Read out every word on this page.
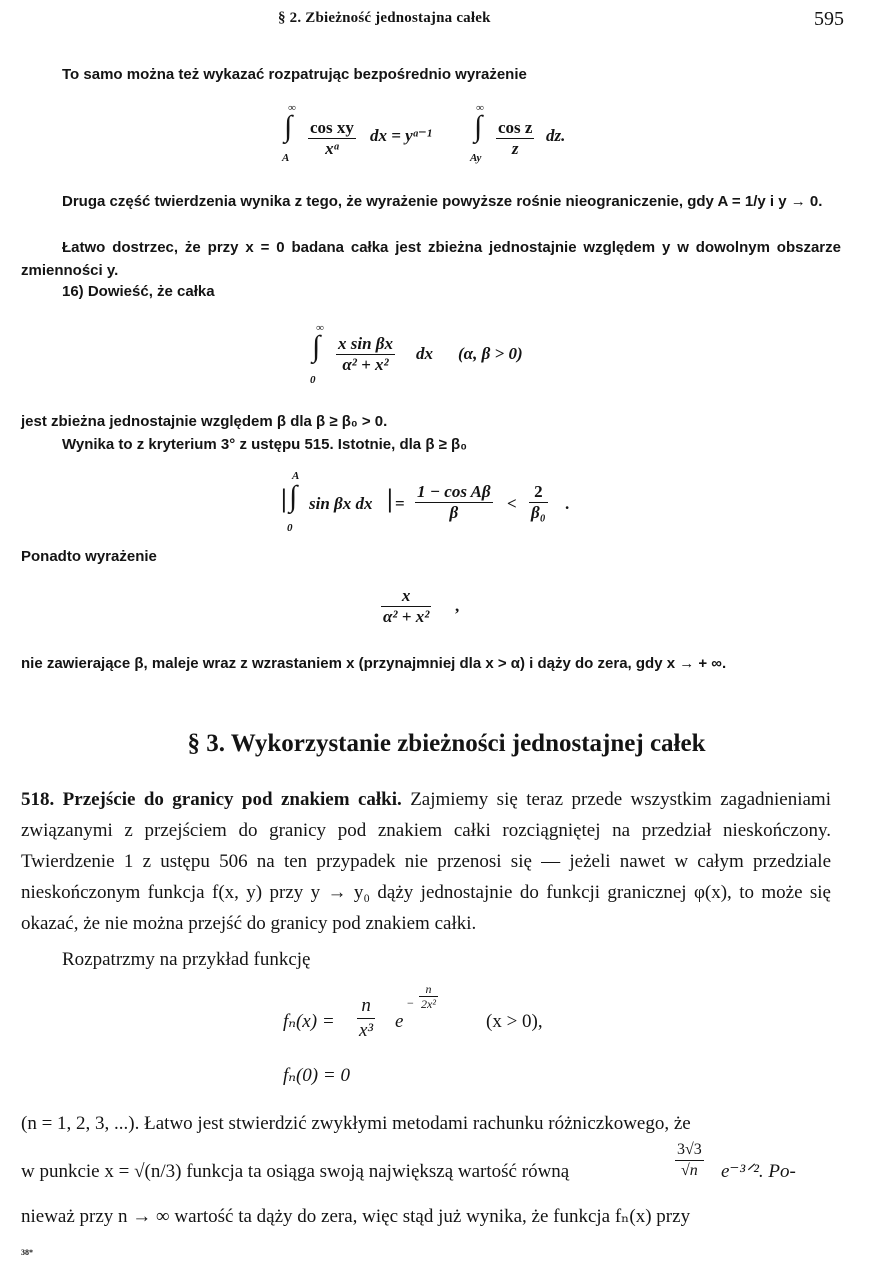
§ 2. Zbieżność jednostajna całek	595
To samo można też wykazać rozpatrując bezpośrednio wyrażenie
∞
∫
A $\frac{\text{cos xy}}{\text{xᵃ}}$ dx = yᵃ⁻¹
∞
∫
Ay $\frac{\text{cos z}}{z}$ dz.
Druga część twierdzenia wynika z tego, że wyrażenie powyższe rośnie nieograniczenie, gdy A = 1/y i y → 0.
Łatwo dostrzec, że przy x = 0 badana całka jest zbieżna jednostajnie względem y w dowolnym obszarze zmienności y.
16) Dowieść, że całka
∞
∫
0
$\frac{\text{x sin βx}}{\text{α² + x²}}$ dx (α, β > 0)
jest zbieżna jednostajnie względem β dla β ≥ β₀ > 0.
Wynika to z kryterium 3° z ustępu 515. Istotnie, dla β ≥ β₀
|
A
∫
0
sin βx dx | = $\frac{\text{1 − cos Aβ}}{\beta} < \frac{2}{\text{β₀}}$ .
Ponadto wyrażenie
$\frac{x}{\text{α² + x²}}$ ,
nie zawierające β, maleje wraz z wzrastaniem x (przynajmniej dla x > α) i dąży do zera, gdy x → + ∞.
§ 3. Wykorzystanie zbieżności jednostajnej całek
518. Przejście do granicy pod znakiem całki. Zajmiemy się teraz przede wszystkim zagadnieniami związanymi z przejściem do granicy pod znakiem całki rozciągniętej na przedział nieskończony. Twierdzenie 1 z ustępu 506 na ten przypadek nie przenosi się — jeżeli nawet w całym przedziale nieskończonym funkcja f(x, y) przy y → y₀ dąży jednostajnie do funkcji granicznej φ(x), to może się okazać, że nie można przejść do granicy pod znakiem całki.
Rozpatrzmy na przykład funkcję
$f_n(x) = \frac{n}{\text{x³}}$ e
− $\frac{n}{\text{2x²}}$
(x > 0),
fₙ(0) = 0
(n = 1, 2, 3, ...). Łatwo jest stwierdzić zwykłymi metodami rachunku różniczkowego, że
w punkcie x = √(n/3) funkcja ta osiąga swoją największą wartość równą	$\frac{3√3}{√n}$ e⁻³ᐟ². Po-
nieważ przy n → ∞ wartość ta dąży do zera, więc stąd już wynika, że funkcja fₙ(x) przy
38*
